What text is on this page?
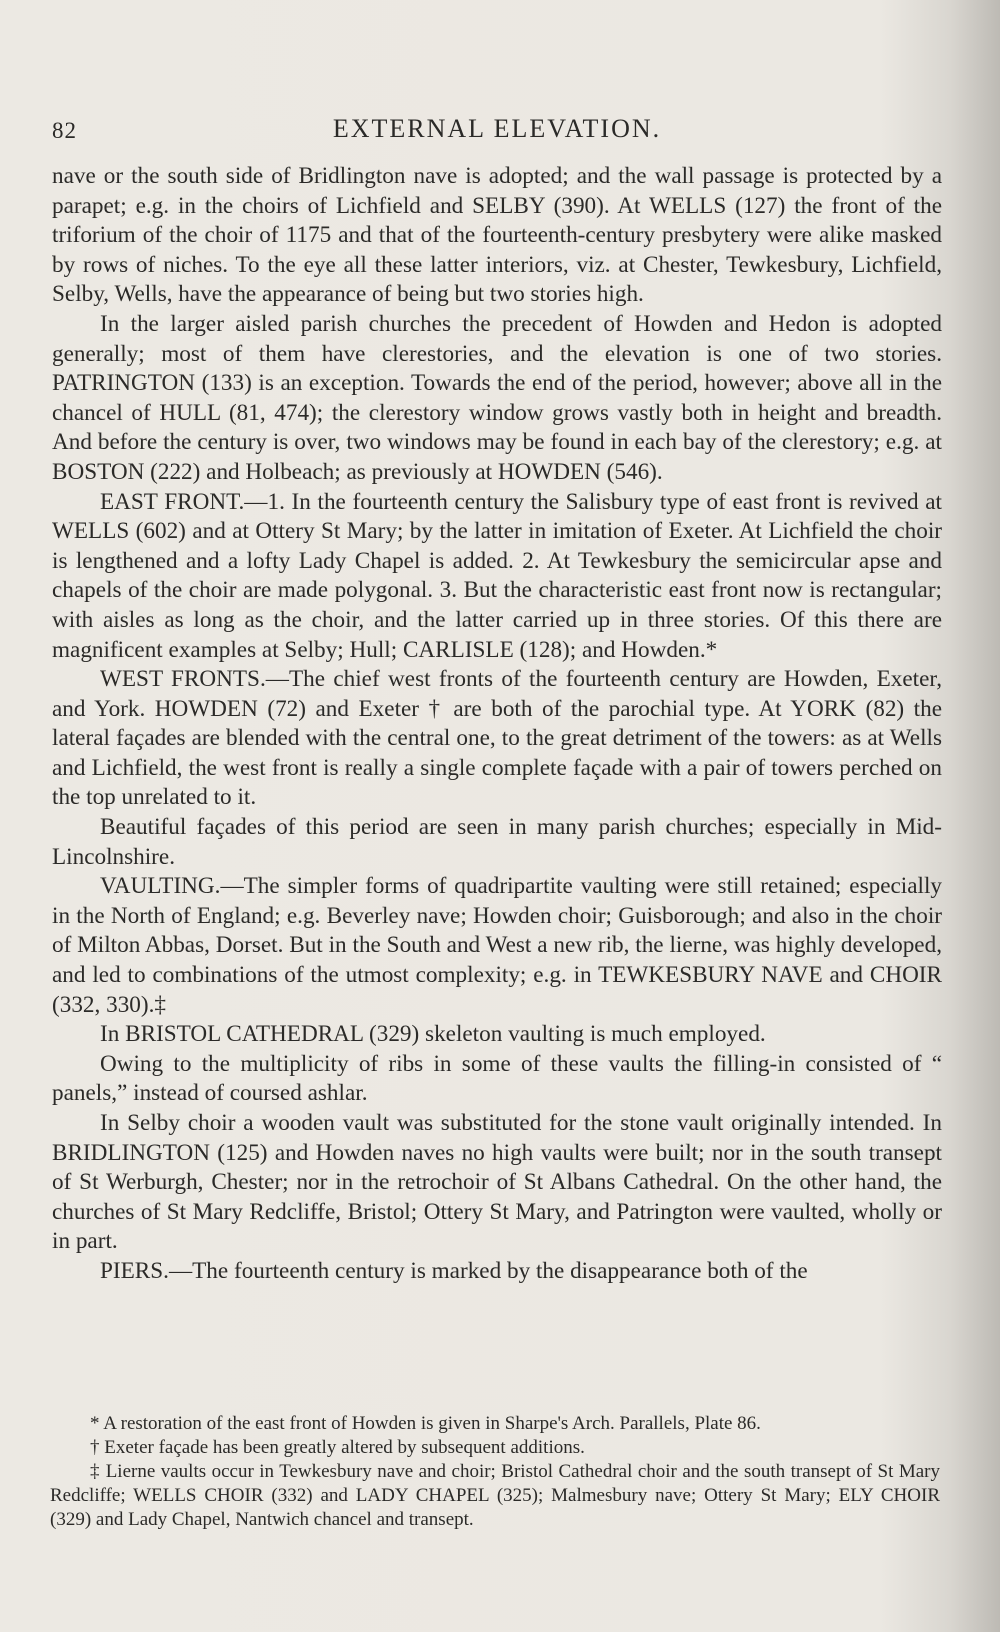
82	EXTERNAL ELEVATION.

nave or the south side of Bridlington nave is adopted; and the wall passage is protected by a parapet; e.g. in the choirs of Lichfield and SELBY (390). At WELLS (127) the front of the triforium of the choir of 1175 and that of the fourteenth-century presbytery were alike masked by rows of niches. To the eye all these latter interiors, viz. at Chester, Tewkesbury, Lichfield, Selby, Wells, have the appearance of being but two stories high.

In the larger aisled parish churches the precedent of Howden and Hedon is adopted generally; most of them have clerestories, and the elevation is one of two stories. PATRINGTON (133) is an exception. Towards the end of the period, however; above all in the chancel of HULL (81, 474); the clerestory window grows vastly both in height and breadth. And before the century is over, two windows may be found in each bay of the clerestory; e.g. at BOSTON (222) and Holbeach; as previously at HOWDEN (546).

EAST FRONT.—1. In the fourteenth century the Salisbury type of east front is revived at WELLS (602) and at Ottery St Mary; by the latter in imitation of Exeter. At Lichfield the choir is lengthened and a lofty Lady Chapel is added. 2. At Tewkesbury the semicircular apse and chapels of the choir are made polygonal. 3. But the characteristic east front now is rectangular; with aisles as long as the choir, and the latter carried up in three stories. Of this there are magnificent examples at Selby; Hull; CARLISLE (128); and Howden.*

WEST FRONTS.—The chief west fronts of the fourteenth century are Howden, Exeter, and York. HOWDEN (72) and Exeter † are both of the parochial type. At YORK (82) the lateral façades are blended with the central one, to the great detriment of the towers: as at Wells and Lichfield, the west front is really a single complete façade with a pair of towers perched on the top unrelated to it.

Beautiful façades of this period are seen in many parish churches; especially in Mid-Lincolnshire.

VAULTING.—The simpler forms of quadripartite vaulting were still retained; especially in the North of England; e.g. Beverley nave; Howden choir; Guisborough; and also in the choir of Milton Abbas, Dorset. But in the South and West a new rib, the lierne, was highly developed, and led to combinations of the utmost complexity; e.g. in TEWKESBURY NAVE and CHOIR (332, 330).‡

In BRISTOL CATHEDRAL (329) skeleton vaulting is much employed.

Owing to the multiplicity of ribs in some of these vaults the filling-in consisted of “ panels,” instead of coursed ashlar.

In Selby choir a wooden vault was substituted for the stone vault originally intended. In BRIDLINGTON (125) and Howden naves no high vaults were built; nor in the south transept of St Werburgh, Chester; nor in the retrochoir of St Albans Cathedral. On the other hand, the churches of St Mary Redcliffe, Bristol; Ottery St Mary, and Patrington were vaulted, wholly or in part.

PIERS.—The fourteenth century is marked by the disappearance both of the

* A restoration of the east front of Howden is given in Sharpe's Arch. Parallels, Plate 86.

† Exeter façade has been greatly altered by subsequent additions.

‡ Lierne vaults occur in Tewkesbury nave and choir; Bristol Cathedral choir and the south transept of St Mary Redcliffe; WELLS CHOIR (332) and LADY CHAPEL (325); Malmesbury nave; Ottery St Mary; ELY CHOIR (329) and Lady Chapel, Nantwich chancel and transept.
